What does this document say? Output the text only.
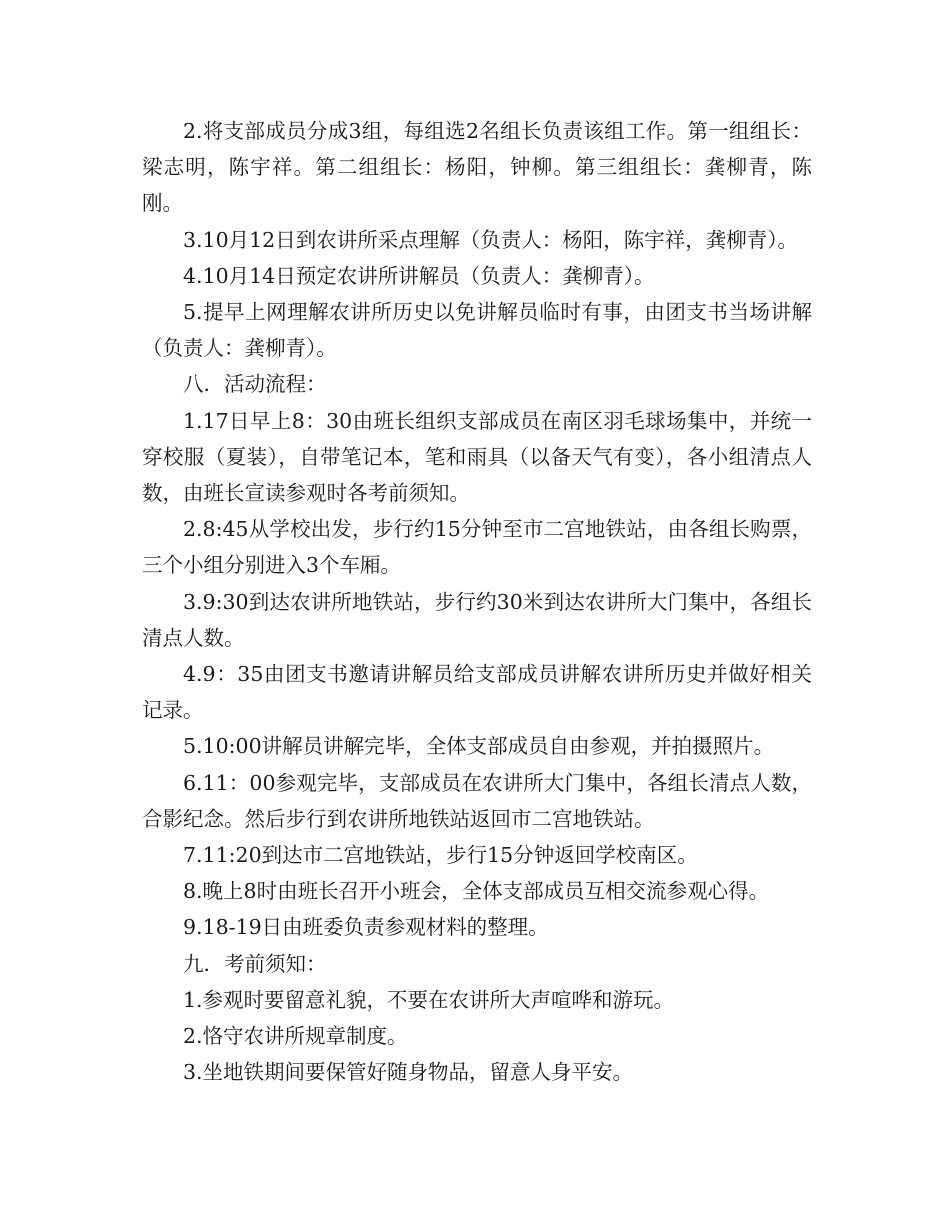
2.将支部成员分成3组，每组选2名组长负责该组工作。第一组组长：梁志明，陈宇祥。第二组组长：杨阳，钟柳。第三组组长：龚柳青，陈刚。

3.10月12日到农讲所采点理解（负责人：杨阳，陈宇祥，龚柳青）。

4.10月14日预定农讲所讲解员（负责人：龚柳青）。

5.提早上网理解农讲所历史以免讲解员临时有事，由团支书当场讲解（负责人：龚柳青）。

八．活动流程：

1.17日早上8：30由班长组织支部成员在南区羽毛球场集中，并统一穿校服（夏装），自带笔记本，笔和雨具（以备天气有变），各小组清点人数，由班长宣读参观时各考前须知。

2.8:45从学校出发，步行约15分钟至市二宫地铁站，由各组长购票，三个小组分别进入3个车厢。

3.9:30到达农讲所地铁站，步行约30米到达农讲所大门集中，各组长清点人数。

4.9：35由团支书邀请讲解员给支部成员讲解农讲所历史并做好相关记录。

5.10:00讲解员讲解完毕，全体支部成员自由参观，并拍摄照片。

6.11：00参观完毕，支部成员在农讲所大门集中，各组长清点人数，合影纪念。然后步行到农讲所地铁站返回市二宫地铁站。

7.11:20到达市二宫地铁站，步行15分钟返回学校南区。

8.晚上8时由班长召开小班会，全体支部成员互相交流参观心得。

9.18-19日由班委负责参观材料的整理。

九．考前须知：

1.参观时要留意礼貌，不要在农讲所大声喧哗和游玩。

2.恪守农讲所规章制度。

3.坐地铁期间要保管好随身物品，留意人身平安。
